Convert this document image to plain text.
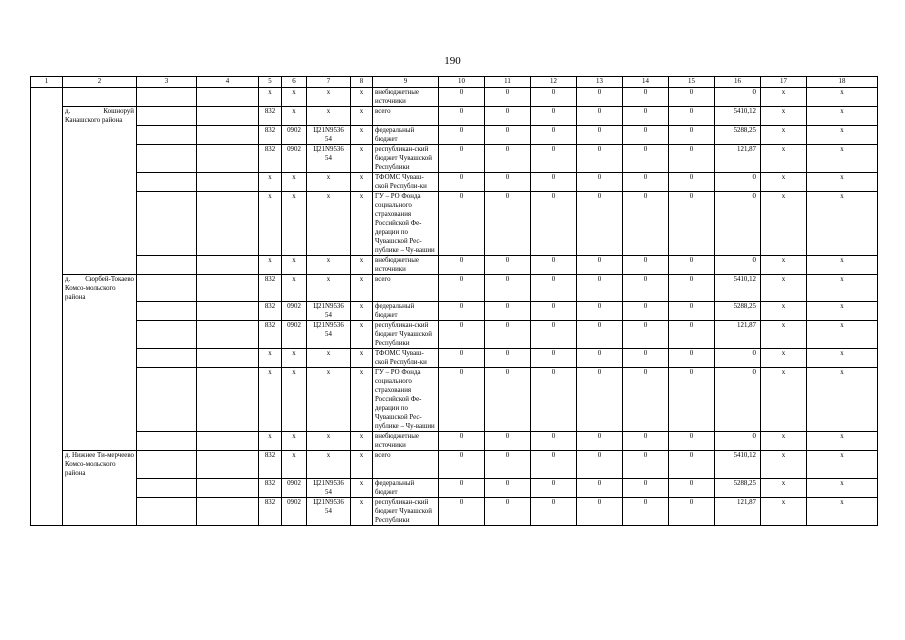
190
1	2	3	4	5	6	7	8	9	10	11	12	13	14	15	16	17	18
				x	x	x	x	внебюджетные источники	0	0	0	0	0	0	0	x	x
	д. Кошноруй Канашского района			832	x	x	x	всего	0	0	0	0	0	0	5410,12	x	x
				832	0902	Ц21N9536 54	x	федеральный бюджет	0	0	0	0	0	0	5288,25	x	x
				832	0902	Ц21N9536 54	x	республикан-ский бюджет Чувашской Республики	0	0	0	0	0	0	121,87	x	x
				x	x	x	x	ТФОМС Чуваш-ской Республи-ки	0	0	0	0	0	0	0	x	x
				x	x	x	x	ГУ – РО Фонда социального страхования Российской Фе-дерации по Чувашской Рес-публике – Чу-вашии	0	0	0	0	0	0	0	x	x
				x	x	x	x	внебюджетные источники	0	0	0	0	0	0	0	x	x
	д. Сюрбей-Токаево Комсо-мольского района			832	x	x	x	всего	0	0	0	0	0	0	5410,12	x	x
				832	0902	Ц21N9536 54	x	федеральный бюджет	0	0	0	0	0	0	5288,25	x	x
				832	0902	Ц21N9536 54	x	республикан-ский бюджет Чувашской Республики	0	0	0	0	0	0	121,87	x	x
				x	x	x	x	ТФОМС Чуваш-ской Республи-ки	0	0	0	0	0	0	0	x	x
				x	x	x	x	ГУ – РО Фонда социального страхования Российской Фе-дерации по Чувашской Рес-публике – Чу-вашии	0	0	0	0	0	0	0	x	x
				x	x	x	x	внебюджетные источники	0	0	0	0	0	0	0	x	x
	д. Нижнее Ти-мерчеево Комсо-мольского района			832	x	x	x	всего	0	0	0	0	0	0	5410,12	x	x
				832	0902	Ц21N9536 54	x	федеральный бюджет	0	0	0	0	0	0	5288,25	x	x
				832	0902	Ц21N9536 54	x	республикан-ский бюджет Чувашской Республики	0	0	0	0	0	0	121,87	x	x
